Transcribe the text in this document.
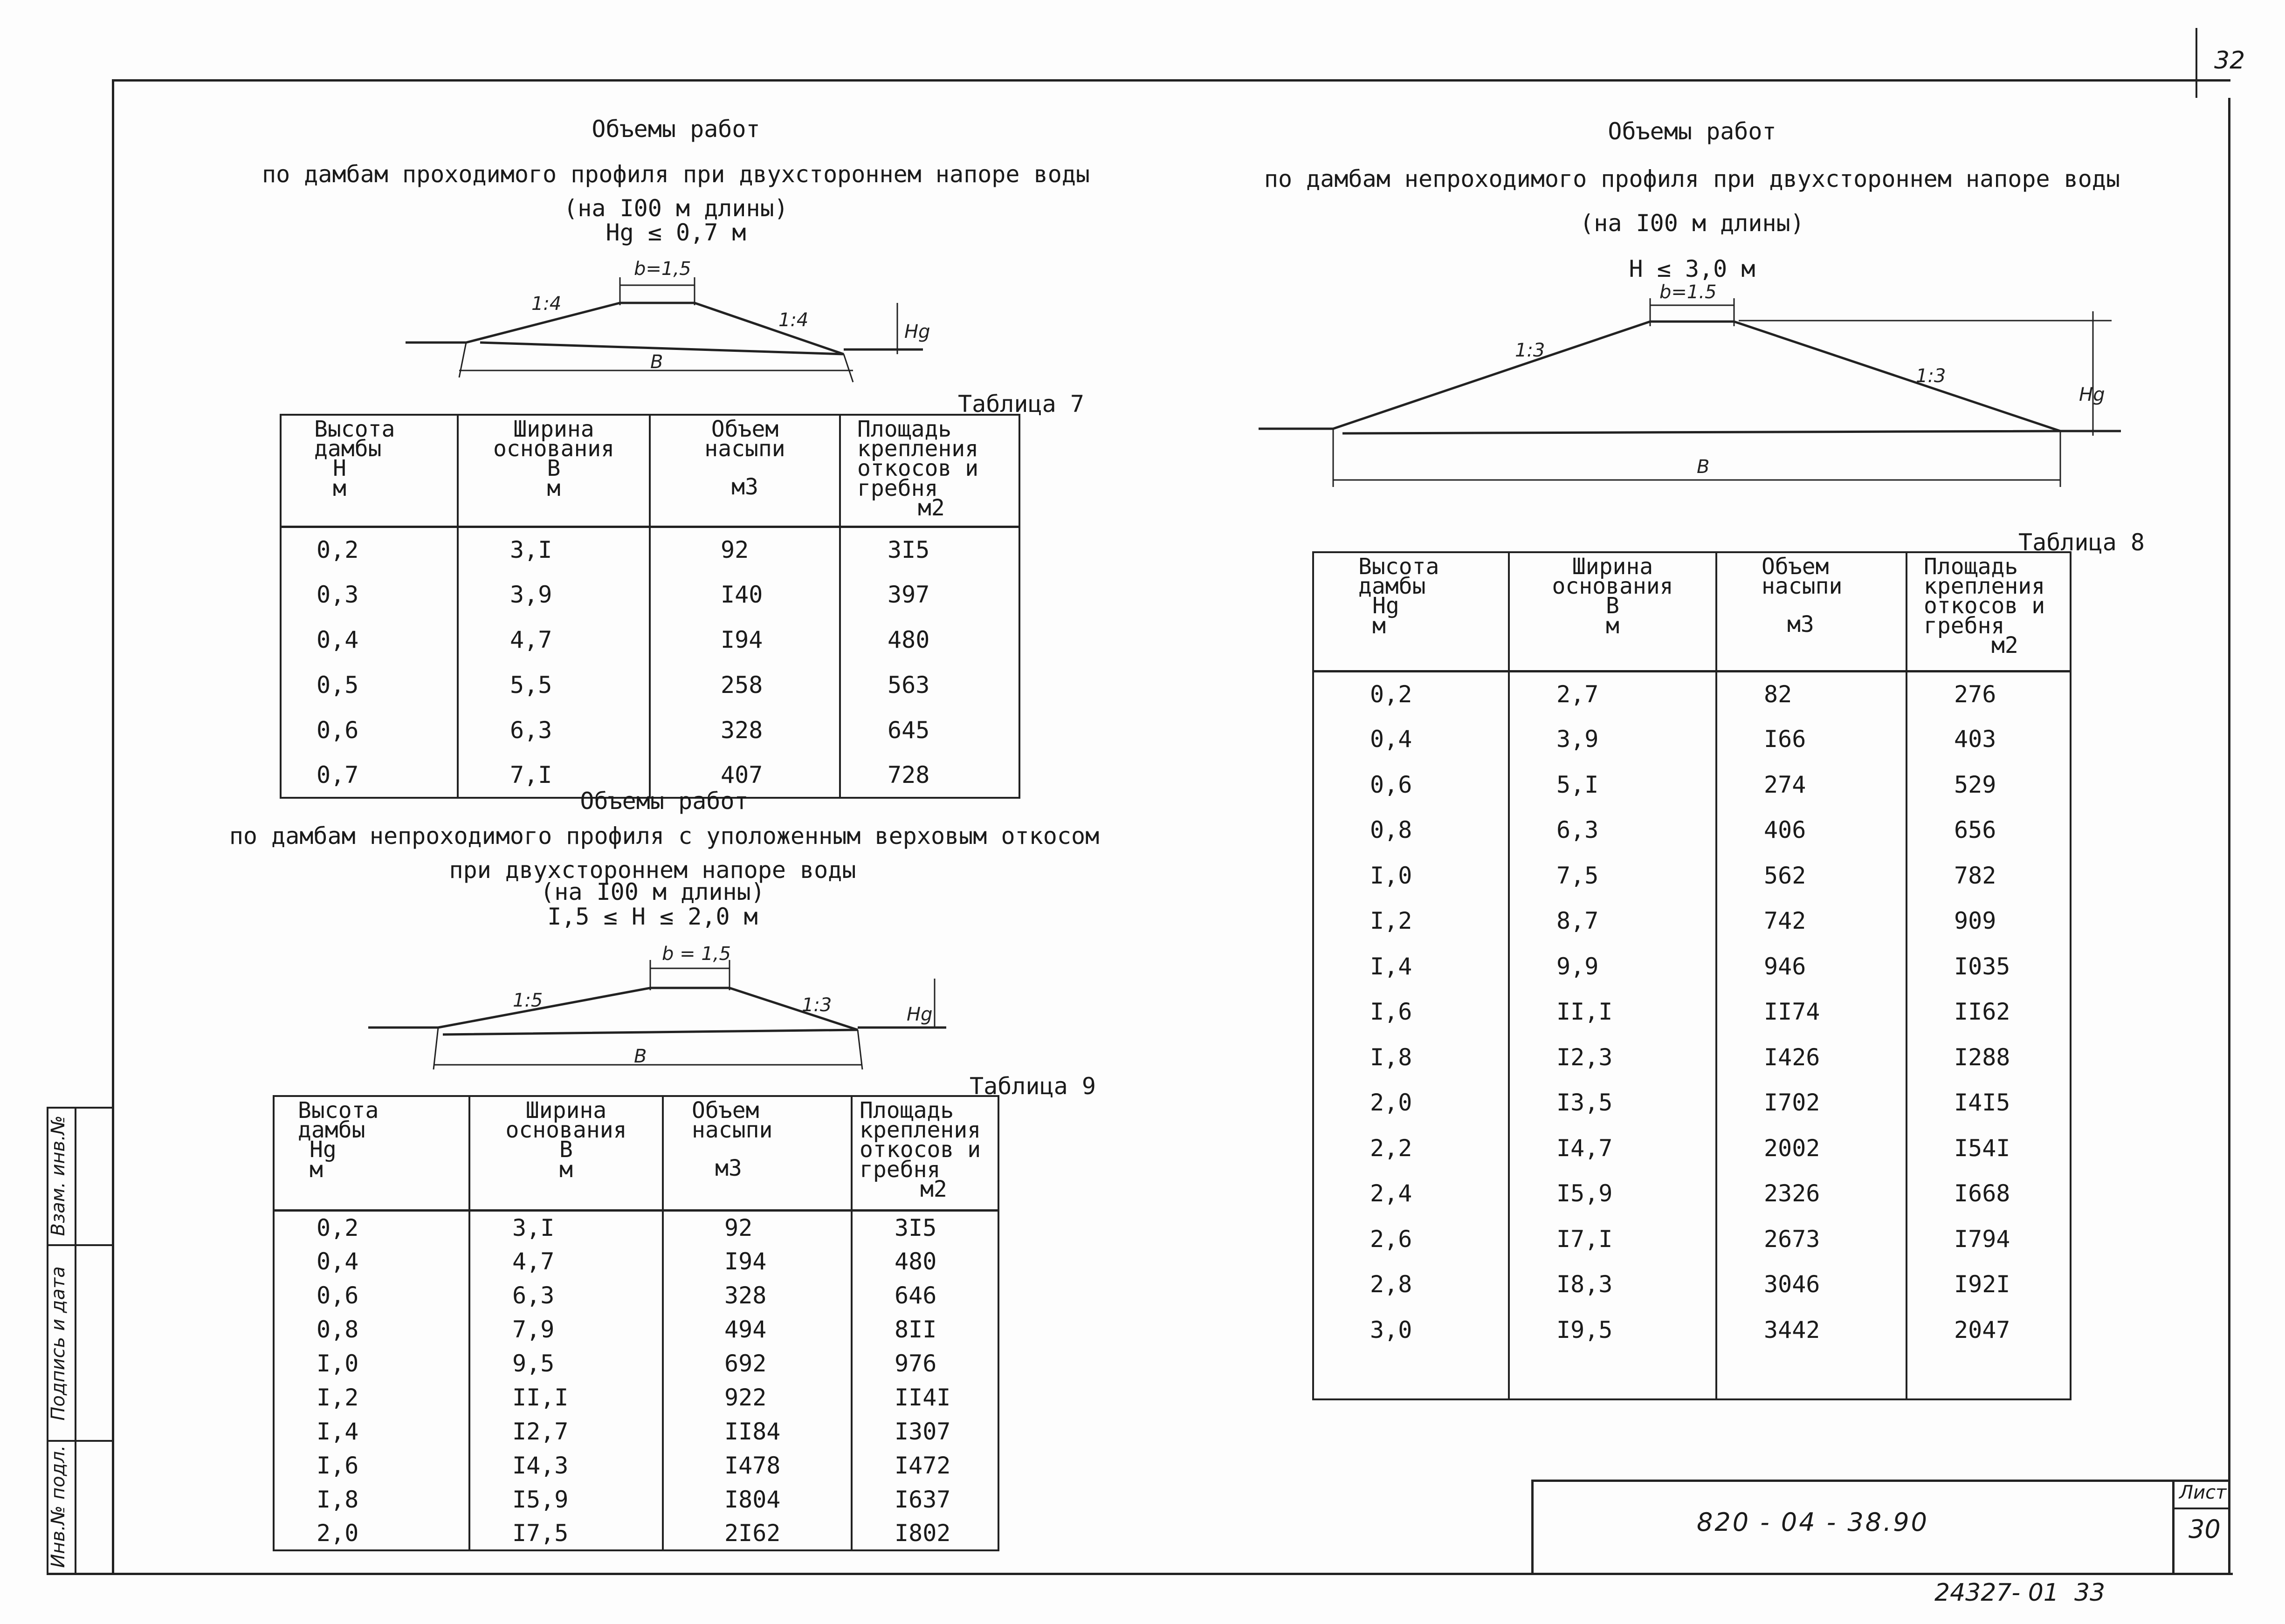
32
Инв.№ подл.
Подпись и дата
Взам. инв.№
Объемы работ
по дамбам проходимого профиля при двухстороннем напоре воды
(на I00 м длины)
Hg ≤ 0,7 м
b=1,5
1:4
1:4
Hg
B
Таблица 7
Высота
дамбы
H
м	Ширина
основания
B
м	Объем
насыпи
м3	Площадь
крепления
откосов и
гребня
м2

0,2	3,I	92	3I5
0,3	3,9	I40	397
0,4	4,7	I94	480
0,5	5,5	258	563
0,6	6,3	328	645
0,7	7,I	407	728
Объемы работ
по дамбам непроходимого профиля с уположенным верховым откосом
при двухстороннем напоре воды
(на I00 м длины)
I,5 ≤ H ≤ 2,0 м
b = 1,5
1:5	1:3	Hg
B
Таблица 9
Высота
дамбы
Hg
м	Ширина
основания
B
м	Объем
насыпи
м3	Площадь
крепления
откосов и
гребня
м2

0,2	3,I	92	3I5
0,4	4,7	I94	480
0,6	6,3	328	646
0,8	7,9	494	8II
I,0	9,5	692	976
I,2	II,I	922	II4I
I,4	I2,7	II84	I307
I,6	I4,3	I478	I472
I,8	I5,9	I804	I637
2,0	I7,5	2I62	I802
Объемы работ
по дамбам непроходимого профиля при двухстороннем напоре воды
(на I00 м длины)
H ≤ 3,0 м
b=1.5
1:3
1:3
Hg
B
Таблица 8
Высота
дамбы
Hg
м	Ширина
основания
B
м	Объем
насыпи
м3	Площадь
крепления
откосов и
гребня
м2

0,2	2,7	82	276
0,4	3,9	I66	403
0,6	5,I	274	529
0,8	6,3	406	656
I,0	7,5	562	782
I,2	8,7	742	909
I,4	9,9	946	I035
I,6	II,I	II74	II62
I,8	I2,3	I426	I288
2,0	I3,5	I702	I4I5
2,2	I4,7	2002	I54I
2,4	I5,9	2326	I668
2,6	I7,I	2673	I794
2,8	I8,3	3046	I92I
3,0	I9,5	3442	2047

820 - 04 - 38.90
Лист
30
24327- 01  33
